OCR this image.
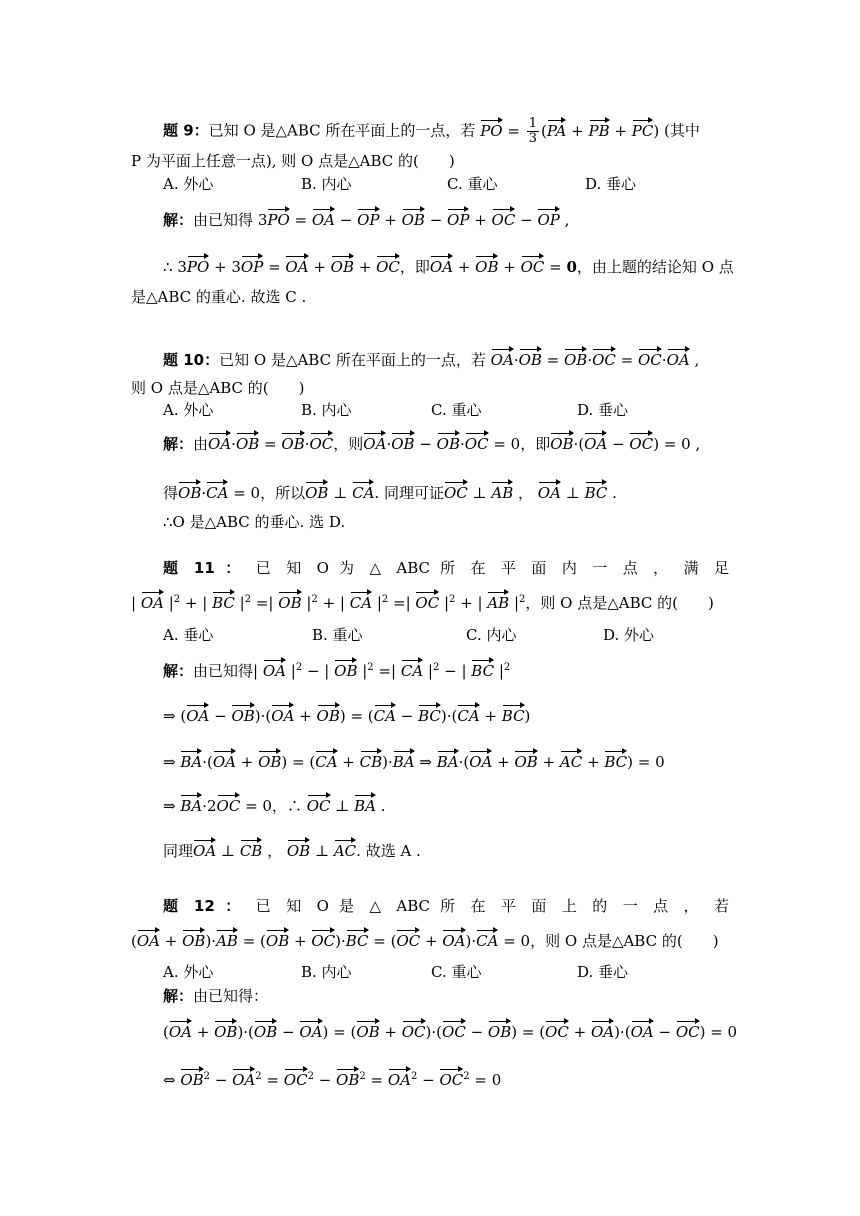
题 9：已知 O 是△ABC 所在平面上的一点，若 PO = $\frac{1}{3} (PA$ + PB + PC) (其中
P 为平面上任意一点), 则 O 点是△ABC 的(　　)
A. 外心	B. 内心	C. 重心	D. 垂心
解：由已知得 3PO = OA − OP + OB − OP + OC − OP ,
∴ 3PO + 3OP = OA + OB + OC，即OA + OB + OC = 0，由上题的结论知 O 点
是△ABC 的重心. 故选 C .
题 10：已知 O 是△ABC 所在平面上的一点，若 OA·OB = OB·OC = OC·OA ,
则 O 点是△ABC 的(　　)
A. 外心	B. 内心	C. 重心	D. 垂心
解：由OA·OB = OB·OC，则OA·OB − OB·OC = 0，即OB·(OA − OC) = 0 ,
得OB·CA = 0，所以OB ⊥ CA. 同理可证OC ⊥ AB ， OA ⊥ BC .
∴O 是△ABC 的垂心. 选 D.
题 11 ： 已 知 O 为 △ ABC 所 在 平 面 内 一 点 ， 满 足
| OA $|^2$ + | BC $|^2$ =| OB $|^2$ + | CA $|^2$ =| OC $|^2$ + | AB $|^2$，则 O 点是△ABC 的(　　)
A. 垂心	B. 重心	C. 内心	D. 外心
解：由已知得| OA $|^2$ − | OB $|^2$ =| CA $|^2$ − | BC $|^2$
⇒ (OA − OB)·(OA + OB) = (CA − BC)·(CA + BC)
⇒ BA·(OA + OB) = (CA + CB)·BA ⇒ BA·(OA + OB + AC + BC) = 0
⇒ BA·2OC = 0，∴ OC ⊥ BA .
同理OA ⊥ CB ， OB ⊥ AC. 故选 A .
题 12 ： 已 知 O 是 △ ABC 所 在 平 面 上 的 一 点 ， 若
(OA + OB)·AB = (OB + OC)·BC = (OC + OA)·CA = 0，则 O 点是△ABC 的(　　)
A. 外心	B. 内心	C. 重心	D. 垂心
解：由已知得：
(OA + OB)·(OB − OA) = (OB + OC)·(OC − OB) = (OC + OA)·(OA − OC) = 0
⇔ $OB^2 - OA^2 = OC^2 - OB^2 = OA^2 - OC^2 = 0$
